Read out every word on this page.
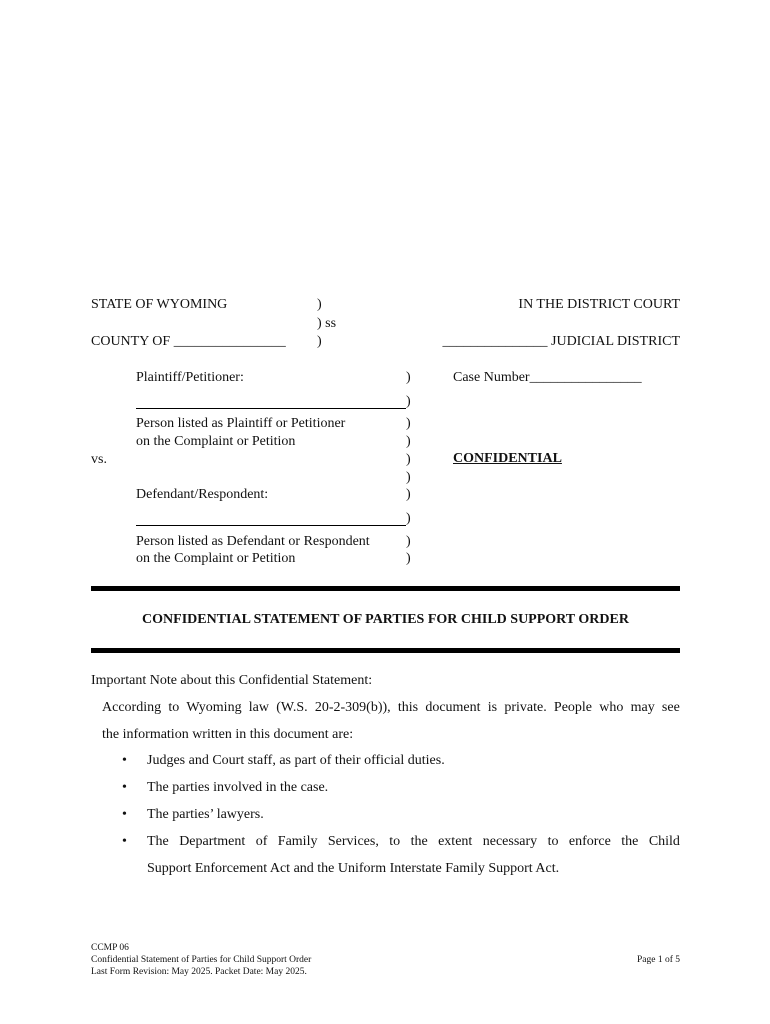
STATE OF WYOMING	)
) ss
)
COUNTY OF ________________
IN THE DISTRICT COURT
_______________ JUDICIAL DISTRICT
Plaintiff/Petitioner:
Person listed as Plaintiff or Petitioner
on the Complaint or Petition
vs.
Defendant/Respondent:
Person listed as Defendant or Respondent
on the Complaint or Petition
)
)
)
)
)
)
)
)
)
)
Case Number________________
CONFIDENTIAL
CONFIDENTIAL STATEMENT OF PARTIES FOR CHILD SUPPORT ORDER
Important Note about this Confidential Statement:
According to Wyoming law (W.S. 20-2-309(b)), this document is private. People who may see
the information written in this document are:
• Judges and Court staff, as part of their official duties.
• The parties involved in the case.
• The parties’ lawyers.
• The Department of Family Services, to the extent necessary to enforce the Child
Support Enforcement Act and the Uniform Interstate Family Support Act.
CCMP 06
Confidential Statement of Parties for Child Support Order
Last Form Revision: May 2025. Packet Date: May 2025.
Page 1 of 5
